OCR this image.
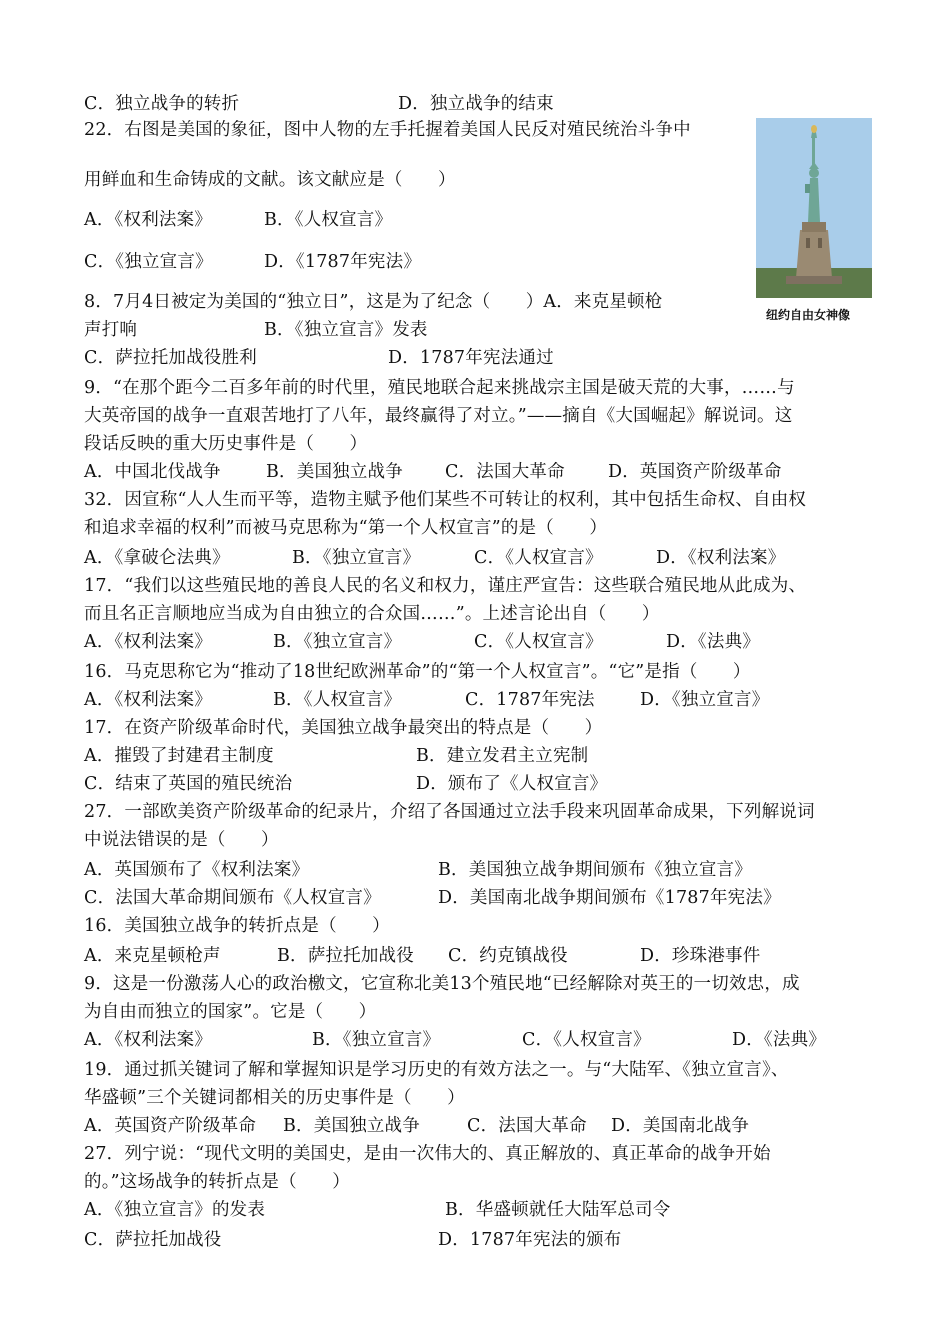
C．独立战争的转折	D．独立战争的结束
22．右图是美国的象征，图中人物的左手托握着美国人民反对殖民统治斗争中
用鲜血和生命铸成的文献。该文献应是（　　）
A．《权利法案》	B．《人权宣言》
C．《独立宣言》	D．《1787年宪法》
8．7月4日被定为美国的“独立日”，这是为了纪念（　　）A．来克星顿枪
声打响	B．《独立宣言》发表
C．萨拉托加战役胜利	D．1787年宪法通过
9．“在那个距今二百多年前的时代里，殖民地联合起来挑战宗主国是破天荒的大事，……与
大英帝国的战争一直艰苦地打了八年，最终赢得了对立。”——摘自《大国崛起》解说词。这
段话反映的重大历史事件是（　　）
A．中国北伐战争	B．美国独立战争 C．法国大革命 D．英国资产阶级革命
32．因宣称“人人生而平等，造物主赋予他们某些不可转让的权利，其中包括生命权、自由权
和追求幸福的权利”而被马克思称为“第一个人权宣言”的是（　　）
A．《拿破仑法典》	B．《独立宣言》	C．《人权宣言》	D．《权利法案》
17．“我们以这些殖民地的善良人民的名义和权力，谨庄严宣告：这些联合殖民地从此成为、
而且名正言顺地应当成为自由独立的合众国……”。上述言论出自（　　）
A．《权利法案》	B．《独立宣言》	C．《人权宣言》	D．《法典》
16．马克思称它为“推动了18世纪欧洲革命”的“第一个人权宣言”。“它”是指（　　）
A．《权利法案》	B．《人权宣言》	C．1787年宪法	D．《独立宣言》
17．在资产阶级革命时代，美国独立战争最突出的特点是（　　）
A．摧毁了封建君主制度	B．建立发君主立宪制
C．结束了英国的殖民统治	D．颁布了《人权宣言》
27．一部欧美资产阶级革命的纪录片，介绍了各国通过立法手段来巩固革命成果，下列解说词
中说法错误的是（　　）
A．英国颁布了《权利法案》	B．美国独立战争期间颁布《独立宣言》
C．法国大革命期间颁布《人权宣言》	D．美国南北战争期间颁布《1787年宪法》
16．美国独立战争的转折点是（　　）
A．来克星顿枪声	B．萨拉托加战役 C．约克镇战役	D．珍珠港事件
9．这是一份激荡人心的政治檄文，它宣称北美13个殖民地“已经解除对英王的一切效忠，成
为自由而独立的国家”。它是（　　）
A．《权利法案》	B．《独立宣言》	C．《人权宣言》	D．《法典》
19．通过抓关键词了解和掌握知识是学习历史的有效方法之一。与“大陆军、《独立宣言》、
华盛顿”三个关键词都相关的历史事件是（　　）
A．英国资产阶级革命 B．美国独立战争	C．法国大革命 D．美国南北战争
27．列宁说：“现代文明的美国史，是由一次伟大的、真正解放的、真正革命的战争开始
的。”这场战争的转折点是（　　）
A．《独立宣言》的发表	B．华盛顿就任大陆军总司令
C．萨拉托加战役	D．1787年宪法的颁布
纽约自由女神像
